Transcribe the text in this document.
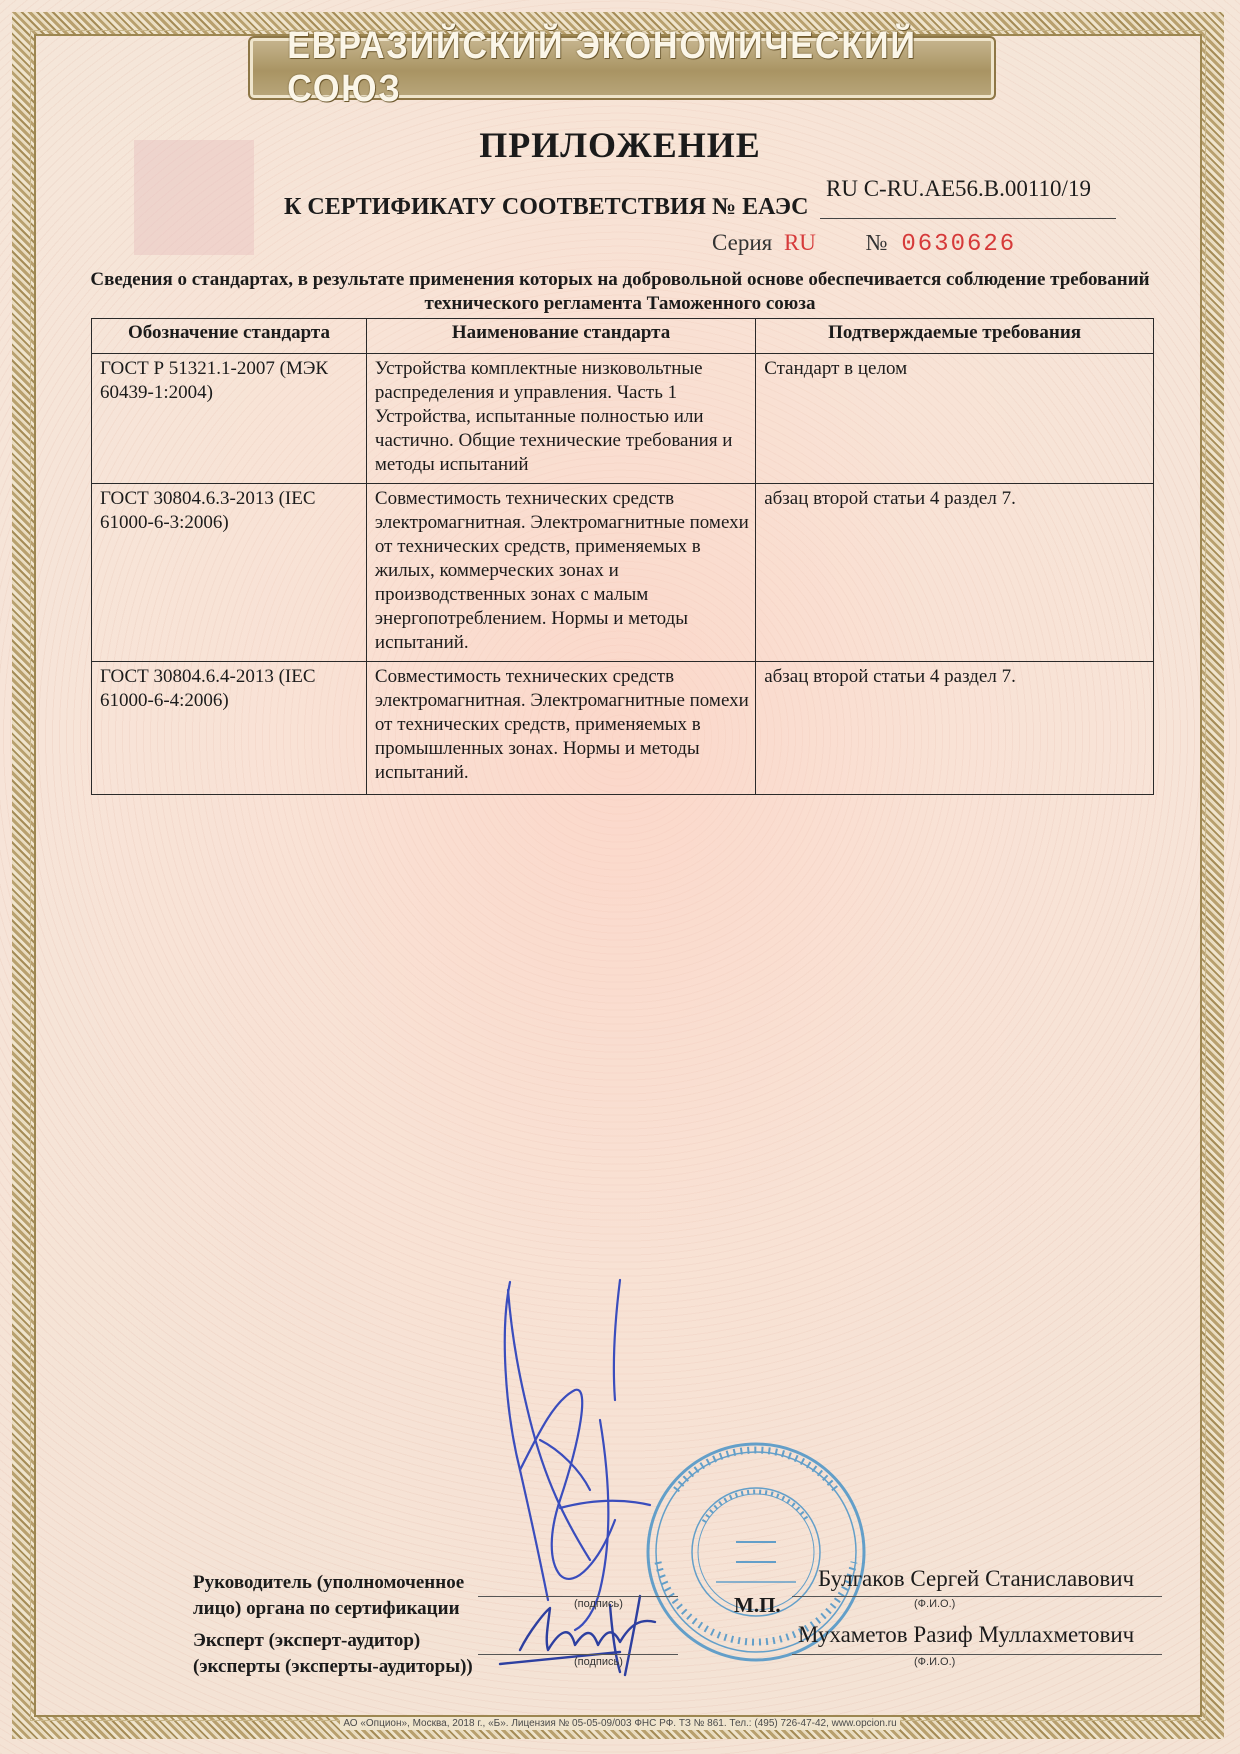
ЕВРАЗИЙСКИЙ ЭКОНОМИЧЕСКИЙ СОЮЗ
ПРИЛОЖЕНИЕ
К СЕРТИФИКАТУ СООТВЕТСТВИЯ № ЕАЭС
RU C-RU.AE56.B.00110/19
Серия RU № 0630626
Сведения о стандартах, в результате применения которых на добровольной основе обеспечивается соблюдение требований технического регламента Таможенного союза
Обозначение стандарта	Наименование стандарта	Подтверждаемые требования
ГОСТ Р 51321.1-2007 (МЭК 60439-1:2004)	Устройства комплектные низковольтные распределения и управления. Часть 1 Устройства, испытанные полностью или частично. Общие технические требования и методы испытаний	Стандарт в целом
ГОСТ 30804.6.3-2013 (IEC 61000-6-3:2006)	Совместимость технических средств электромагнитная. Электромагнитные помехи от технических средств, применяемых в жилых, коммерческих зонах и производственных зонах с малым энергопотреблением. Нормы и методы испытаний.	абзац второй статьи 4 раздел 7.
ГОСТ 30804.6.4-2013 (IEC 61000-6-4:2006)	Совместимость технических средств электромагнитная. Электромагнитные помехи от технических средств, применяемых в промышленных зонах. Нормы и методы испытаний.	абзац второй статьи 4 раздел 7.
Руководитель (уполномоченное
лицо) органа по сертификации	(подпись)
Булгаков Сергей Станиславович
(Ф.И.О.)
М.П.
Эксперт (эксперт-аудитор)
(эксперты (эксперты-аудиторы))	(подпись)
Мухаметов Разиф Муллахметович
(Ф.И.О.)
АО «Опцион», Москва, 2018 г., «Б». Лицензия № 05-05-09/003 ФНС РФ. ТЗ № 861. Тел.: (495) 726-47-42, www.opcion.ru
